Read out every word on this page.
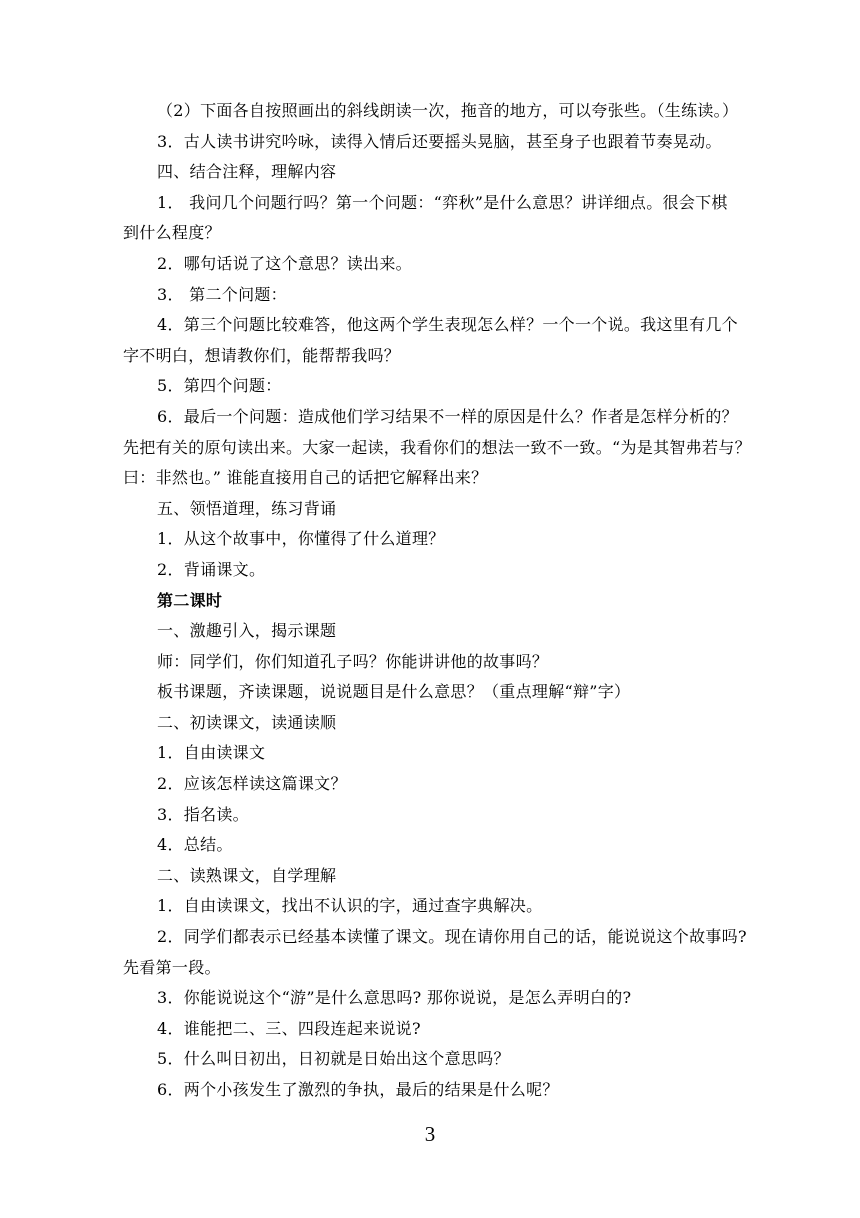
（2）下面各自按照画出的斜线朗读一次，拖音的地方，可以夸张些。（生练读。）

3．古人读书讲究吟咏，读得入情后还要摇头晃脑，甚至身子也跟着节奏晃动。

四、结合注释，理解内容

1． 我问几个问题行吗？第一个问题：“弈秋”是什么意思？讲详细点。很会下棋

到什么程度？

2．哪句话说了这个意思？读出来。

3． 第二个问题：

4．第三个问题比较难答，他这两个学生表现怎么样？一个一个说。我这里有几个

字不明白，想请教你们，能帮帮我吗？

5．第四个问题：

6．最后一个问题：造成他们学习结果不一样的原因是什么？作者是怎样分析的？

先把有关的原句读出来。大家一起读，我看你们的想法一致不一致。“为是其智弗若与？

曰：非然也。” 谁能直接用自己的话把它解释出来？

五、领悟道理，练习背诵

1．从这个故事中，你懂得了什么道理？

2．背诵课文。

第二课时

一、激趣引入，揭示课题

师：同学们，你们知道孔子吗？你能讲讲他的故事吗？

板书课题，齐读课题，说说题目是什么意思？（重点理解“辩”字）

二、初读课文，读通读顺

1．自由读课文

2．应该怎样读这篇课文？

3．指名读。

4．总结。

二、读熟课文，自学理解

1．自由读课文，找出不认识的字，通过查字典解决。

2．同学们都表示已经基本读懂了课文。现在请你用自己的话，能说说这个故事吗?

先看第一段。

3．你能说说这个“游”是什么意思吗? 那你说说，是怎么弄明白的?

4．谁能把二、三、四段连起来说说?

5．什么叫日初出，日初就是日始出这个意思吗？

6．两个小孩发生了激烈的争执，最后的结果是什么呢？

3
